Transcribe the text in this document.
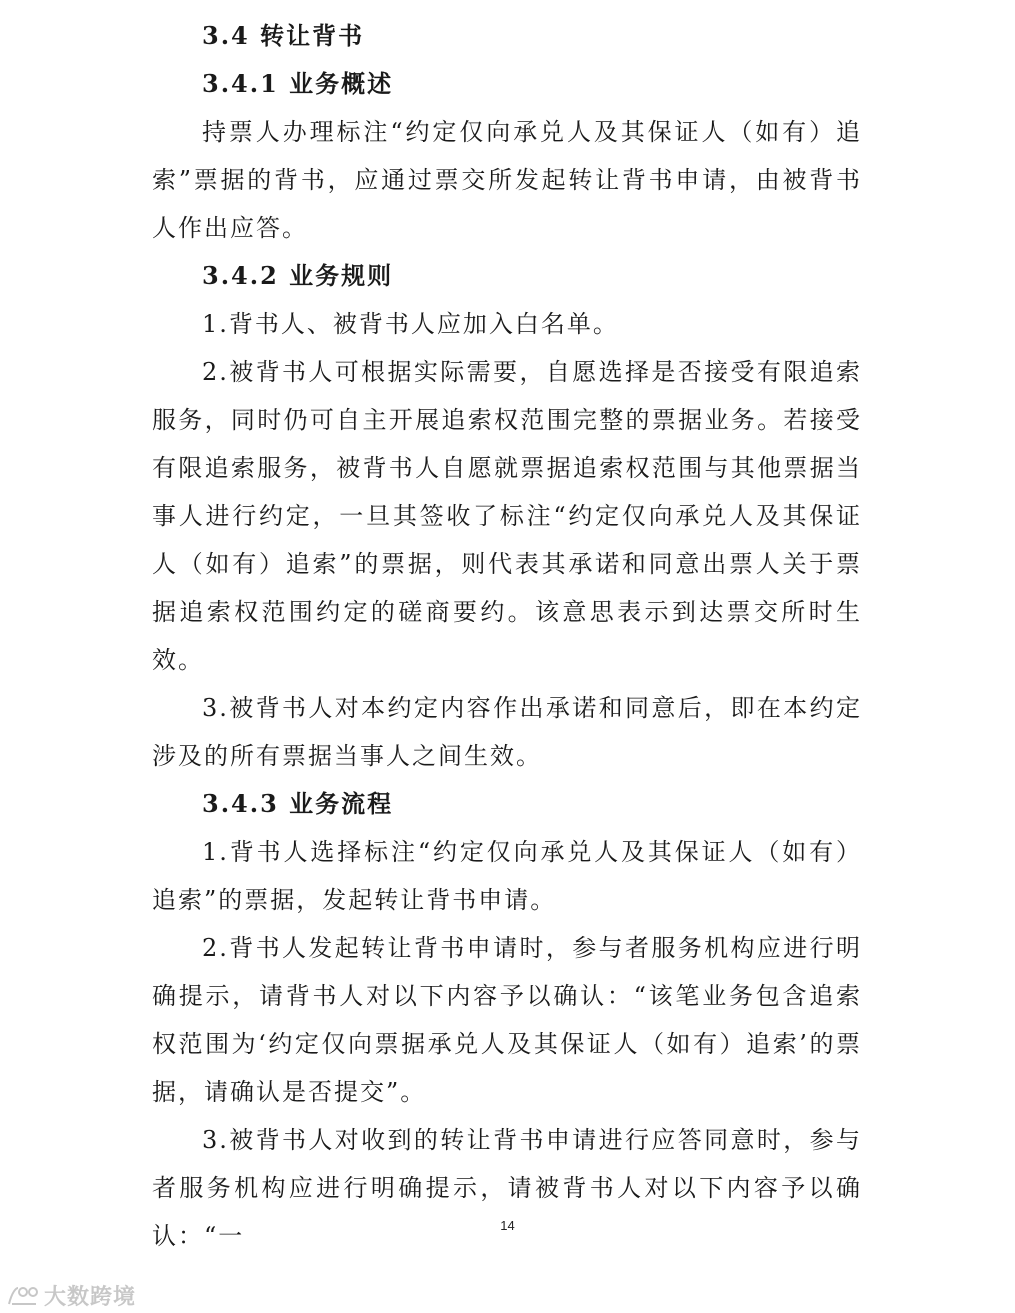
3.4 转让背书
3.4.1 业务概述

持票人办理标注“约定仅向承兑人及其保证人（如有）追索”票据的背书，应通过票交所发起转让背书申请，由被背书人作出应答。

3.4.2 业务规则

1.背书人、被背书人应加入白名单。

2.被背书人可根据实际需要，自愿选择是否接受有限追索服务，同时仍可自主开展追索权范围完整的票据业务。若接受有限追索服务，被背书人自愿就票据追索权范围与其他票据当事人进行约定，一旦其签收了标注“约定仅向承兑人及其保证人（如有）追索”的票据，则代表其承诺和同意出票人关于票据追索权范围约定的磋商要约。该意思表示到达票交所时生效。

3.被背书人对本约定内容作出承诺和同意后，即在本约定涉及的所有票据当事人之间生效。

3.4.3 业务流程

1.背书人选择标注“约定仅向承兑人及其保证人（如有）追索”的票据，发起转让背书申请。

2.背书人发起转让背书申请时，参与者服务机构应进行明确提示，请背书人对以下内容予以确认：“该笔业务包含追索权范围为‘约定仅向票据承兑人及其保证人（如有）追索’的票据，请确认是否提交”。

3.被背书人对收到的转让背书申请进行应答同意时，参与者服务机构应进行明确提示，请被背书人对以下内容予以确认：“一	14
大数跨境
